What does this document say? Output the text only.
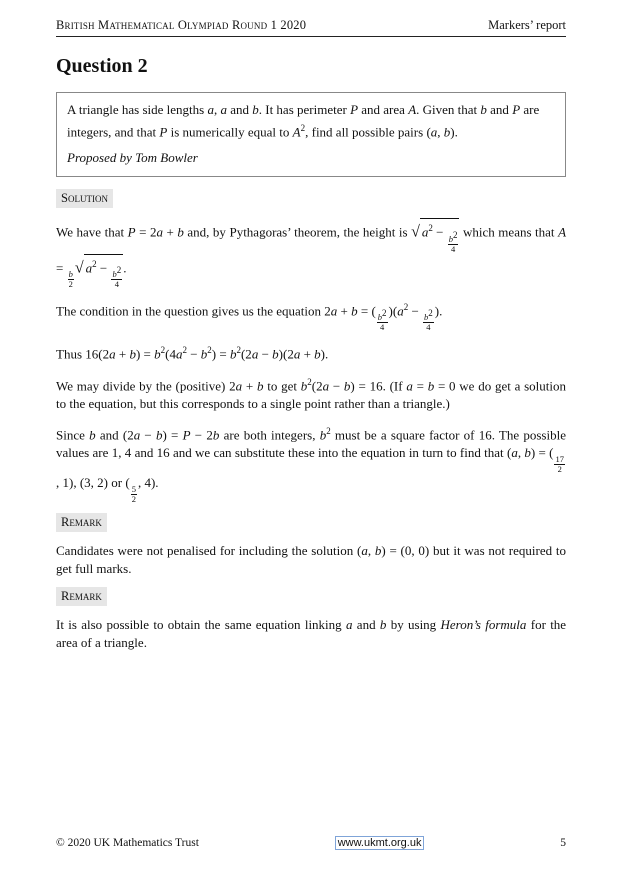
British Mathematical Olympiad Round 1 2020	Markers’ report
Question 2
A triangle has side lengths a, a and b. It has perimeter P and area A. Given that b and P are integers, and that P is numerically equal to $A^2$, find all possible pairs (a, b).
Proposed by Tom Bowler
Solution

We have that P = 2a + b and, by Pythagoras’ theorem, the height is √ $a^2 - \frac{b^2}{4}$ which means that A =
$\frac{b}{2}$
√ $a^2 - \frac{b^2}{4}$ .

The condition in the question gives us the equation 2a + b = ( $\frac{b^2}{4} )(a^2 - \frac{b^2}{4}$ ).

Thus $16(2a + b) = b^2(4a^2 - b^2) = b^2(2a - b)(2a + b)$.

We may divide by the (positive) 2a + b to get $b^2(2a - b) = 16$. (If a = b = 0 we do get a solution to the equation, but this corresponds to a single point rather than a triangle.)

Since b and (2a − b) = P − 2b are both integers, $b^2$ must be a square factor of 16. The possible values are 1, 4 and 16 and we can substitute these into the equation in turn to find that (a, b) = (
$\frac{17}{2}$
, 1), (3, 2) or (
$\frac{5}{2}$
, 4).

Remark

Candidates were not penalised for including the solution (a, b) = (0, 0) but it was not required to get full marks.

Remark

It is also possible to obtain the same equation linking a and b by using Heron’s formula for the area of a triangle.

© 2020 UK Mathematics Trust	www.ukmt.org.uk	5
